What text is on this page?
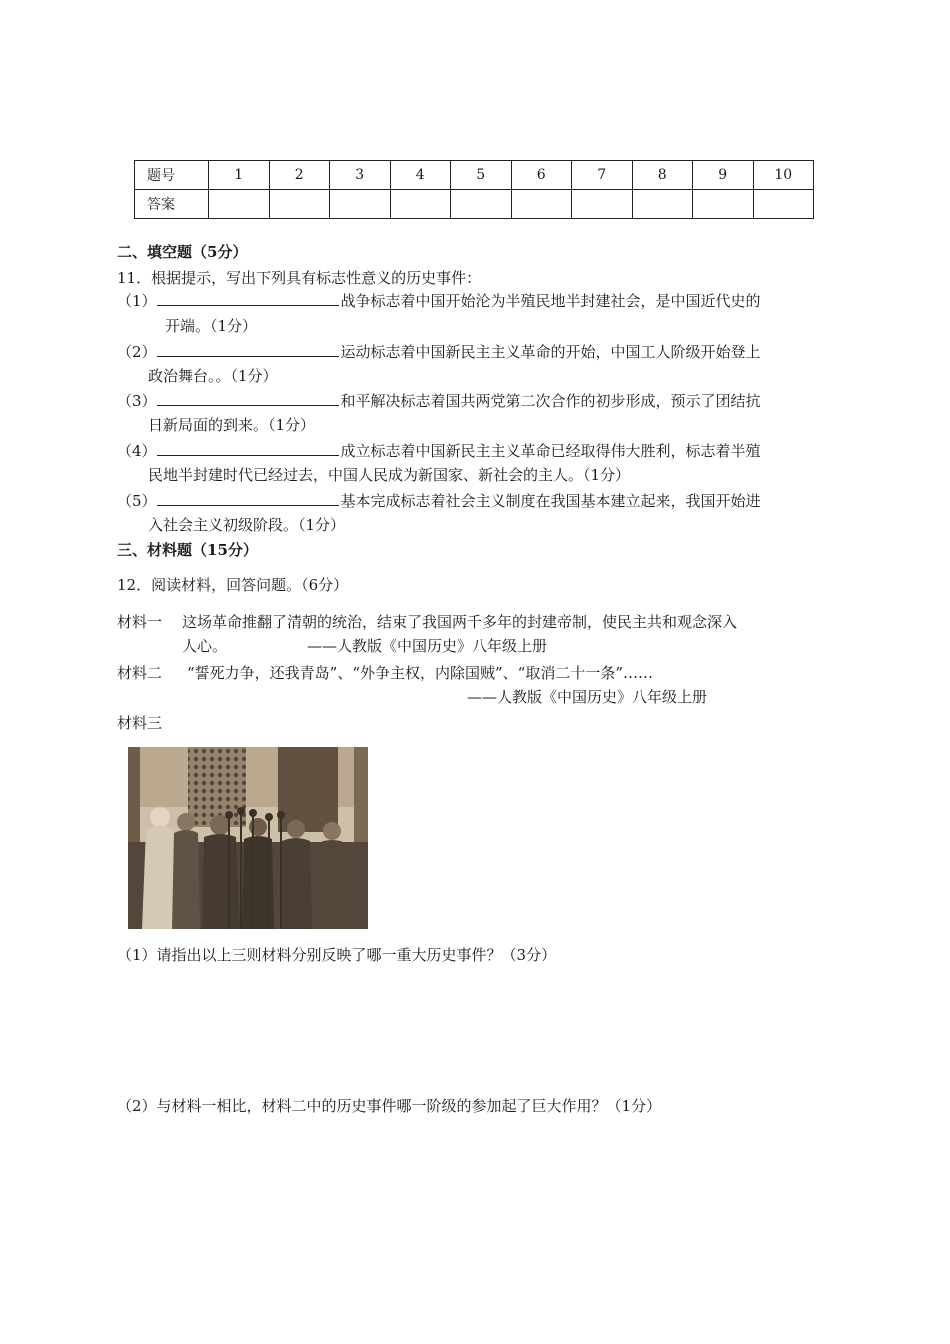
题号	1	2	3	4	5	6	7	8	9	10
答案										
二、填空题（5分）
11．根据提示，写出下列具有标志性意义的历史事件：
（1）	战争标志着中国开始沦为半殖民地半封建社会，是中国近代史的
开端。（1分）
（2）	运动标志着中国新民主主义革命的开始，中国工人阶级开始登上
政治舞台。。（1分）
（3）	和平解决标志着国共两党第二次合作的初步形成，预示了团结抗
日新局面的到来。（1分）
（4）	成立标志着中国新民主主义革命已经取得伟大胜利，标志着半殖
民地半封建时代已经过去，中国人民成为新国家、新社会的主人。（1分）
（5）	基本完成标志着社会主义制度在我国基本建立起来，我国开始进
入社会主义初级阶段。（1分）
三、材料题（15分）
12．阅读材料，回答问题。（6分）
材料一 这场革命推翻了清朝的统治，结束了我国两千多年的封建帝制，使民主共和观念深入
人心。	——人教版《中国历史》八年级上册
材料二 “誓死力争，还我青岛”、“外争主权，内除国贼”、“取消二十一条”……
——人教版《中国历史》八年级上册
材料三
（1）请指出以上三则材料分别反映了哪一重大历史事件？（3分）
（2）与材料一相比，材料二中的历史事件哪一阶级的参加起了巨大作用？（1分）
